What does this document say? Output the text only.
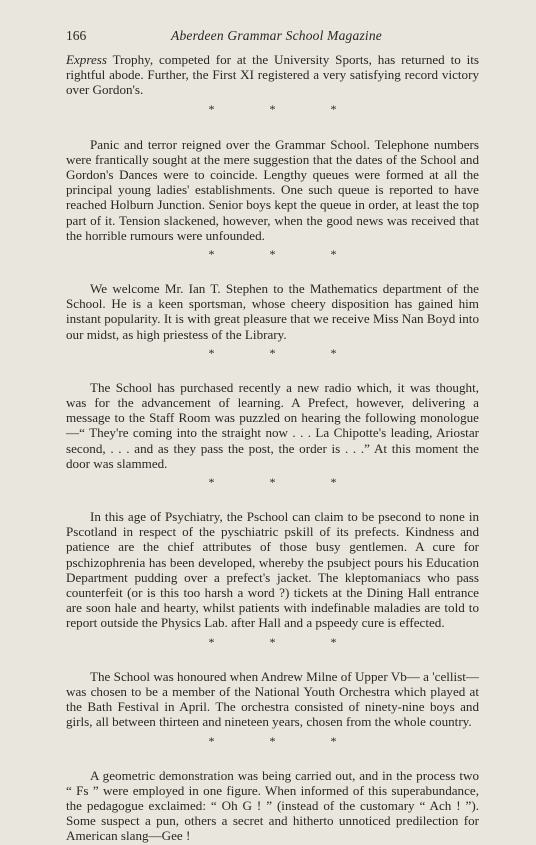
166	Aberdeen Grammar School Magazine

Express Trophy, competed for at the University Sports, has returned to its rightful abode. Further, the First XI registered a very satisfying record victory over Gordon's.

* * *

Panic and terror reigned over the Grammar School. Telephone numbers were frantically sought at the mere suggestion that the dates of the School and Gordon's Dances were to coincide. Lengthy queues were formed at all the principal young ladies' establishments. One such queue is reported to have reached Holburn Junction. Senior boys kept the queue in order, at least the top part of it. Tension slackened, however, when the good news was received that the horrible rumours were unfounded.

* * *

We welcome Mr. Ian T. Stephen to the Mathematics department of the School. He is a keen sportsman, whose cheery disposition has gained him instant popularity. It is with great pleasure that we receive Miss Nan Boyd into our midst, as high priestess of the Library.

* * *

The School has purchased recently a new radio which, it was thought, was for the advancement of learning. A Prefect, however, delivering a message to the Staff Room was puzzled on hearing the following monologue—“ They're coming into the straight now . . . La Chipotte's leading, Ariostar second, . . . and as they pass the post, the order is . . .” At this moment the door was slammed.

* * *

In this age of Psychiatry, the Pschool can claim to be psecond to none in Pscotland in respect of the pyschiatric pskill of its prefects. Kindness and patience are the chief attributes of those busy gentlemen. A cure for pschizophrenia has been developed, whereby the psubject pours his Education Department pudding over a prefect's jacket. The kleptomaniacs who pass counterfeit (or is this too harsh a word ?) tickets at the Dining Hall entrance are soon hale and hearty, whilst patients with indefinable maladies are told to report outside the Physics Lab. after Hall and a pspeedy cure is effected.

* * *

The School was honoured when Andrew Milne of Upper Vb— a 'cellist— was chosen to be a member of the National Youth Orchestra which played at the Bath Festival in April. The orchestra consisted of ninety-nine boys and girls, all between thirteen and nineteen years, chosen from the whole country.

* * *

A geometric demonstration was being carried out, and in the process two “ Fs ” were employed in one figure. When informed of this superabundance, the pedagogue exclaimed: “ Oh G ! ” (instead of the customary “ Ach ! ”). Some suspect a pun, others a secret and hitherto unnoticed predilection for American slang—Gee !
